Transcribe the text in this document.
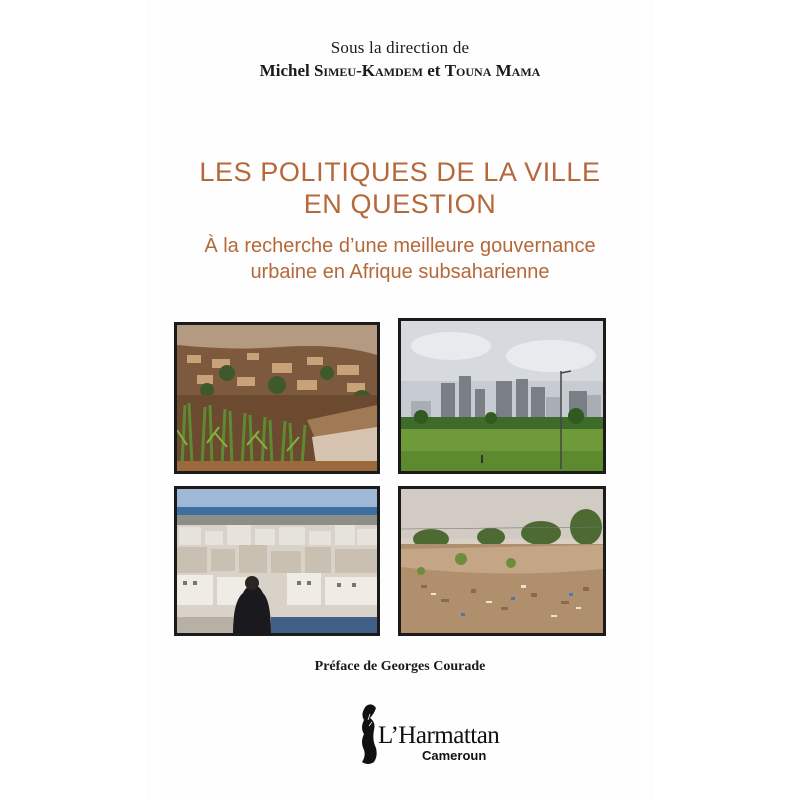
Sous la direction de
Michel Simeu-Kamdem et Touna Mama
LES POLITIQUES DE LA VILLE
EN QUESTION
À la recherche d’une meilleure gouvernance
urbaine en Afrique subsaharienne
Préface de Georges Courade
L’Harmattan
Cameroun
